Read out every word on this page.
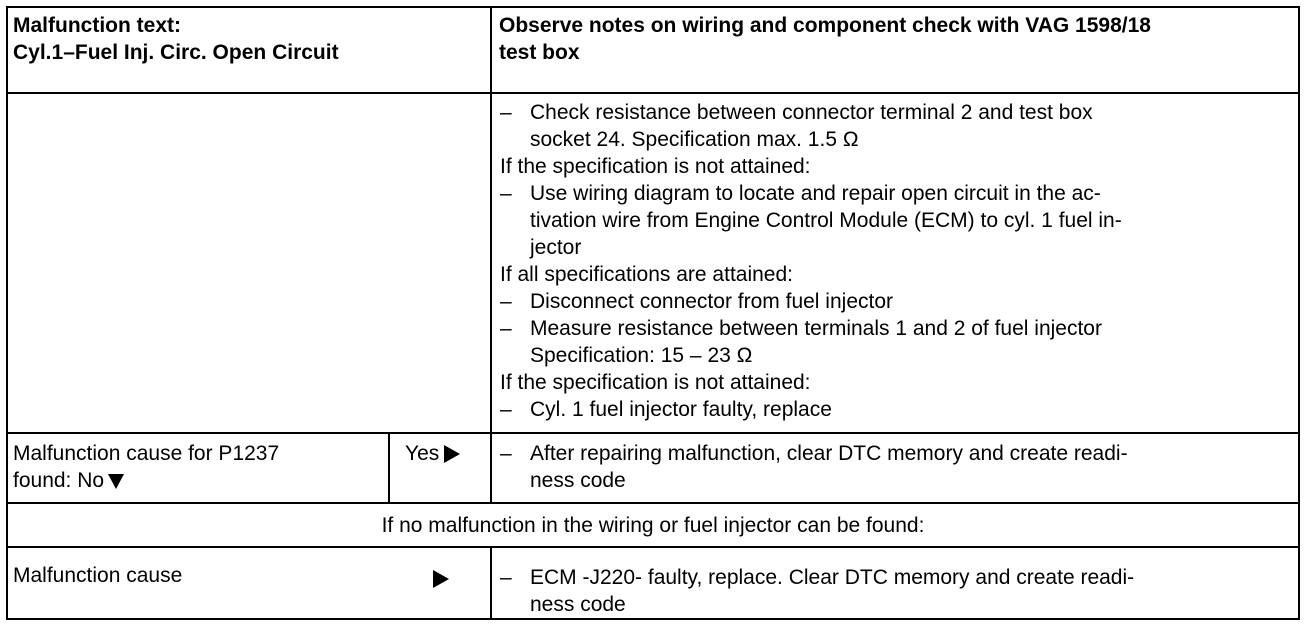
Malfunction text:
Cyl.1–Fuel Inj. Circ. Open Circuit
Observe notes on wiring and component check with VAG 1598/18
test box
– Check resistance between connector terminal 2 and test box
socket 24. Specification max. 1.5 Ω
If the specification is not attained:
– Use wiring diagram to locate and repair open circuit in the ac-
tivation wire from Engine Control Module (ECM) to cyl. 1 fuel in-
jector
If all specifications are attained:
– Disconnect connector from fuel injector
– Measure resistance between terminals 1 and 2 of fuel injector
Specification: 15 – 23 Ω
If the specification is not attained:
– Cyl. 1 fuel injector faulty, replace
Malfunction cause for P1237
found: No
Yes	– After repairing malfunction, clear DTC memory and create readi-
ness code
If no malfunction in the wiring or fuel injector can be found:
Malfunction cause	– ECM -J220- faulty, replace. Clear DTC memory and create readi-
ness code
